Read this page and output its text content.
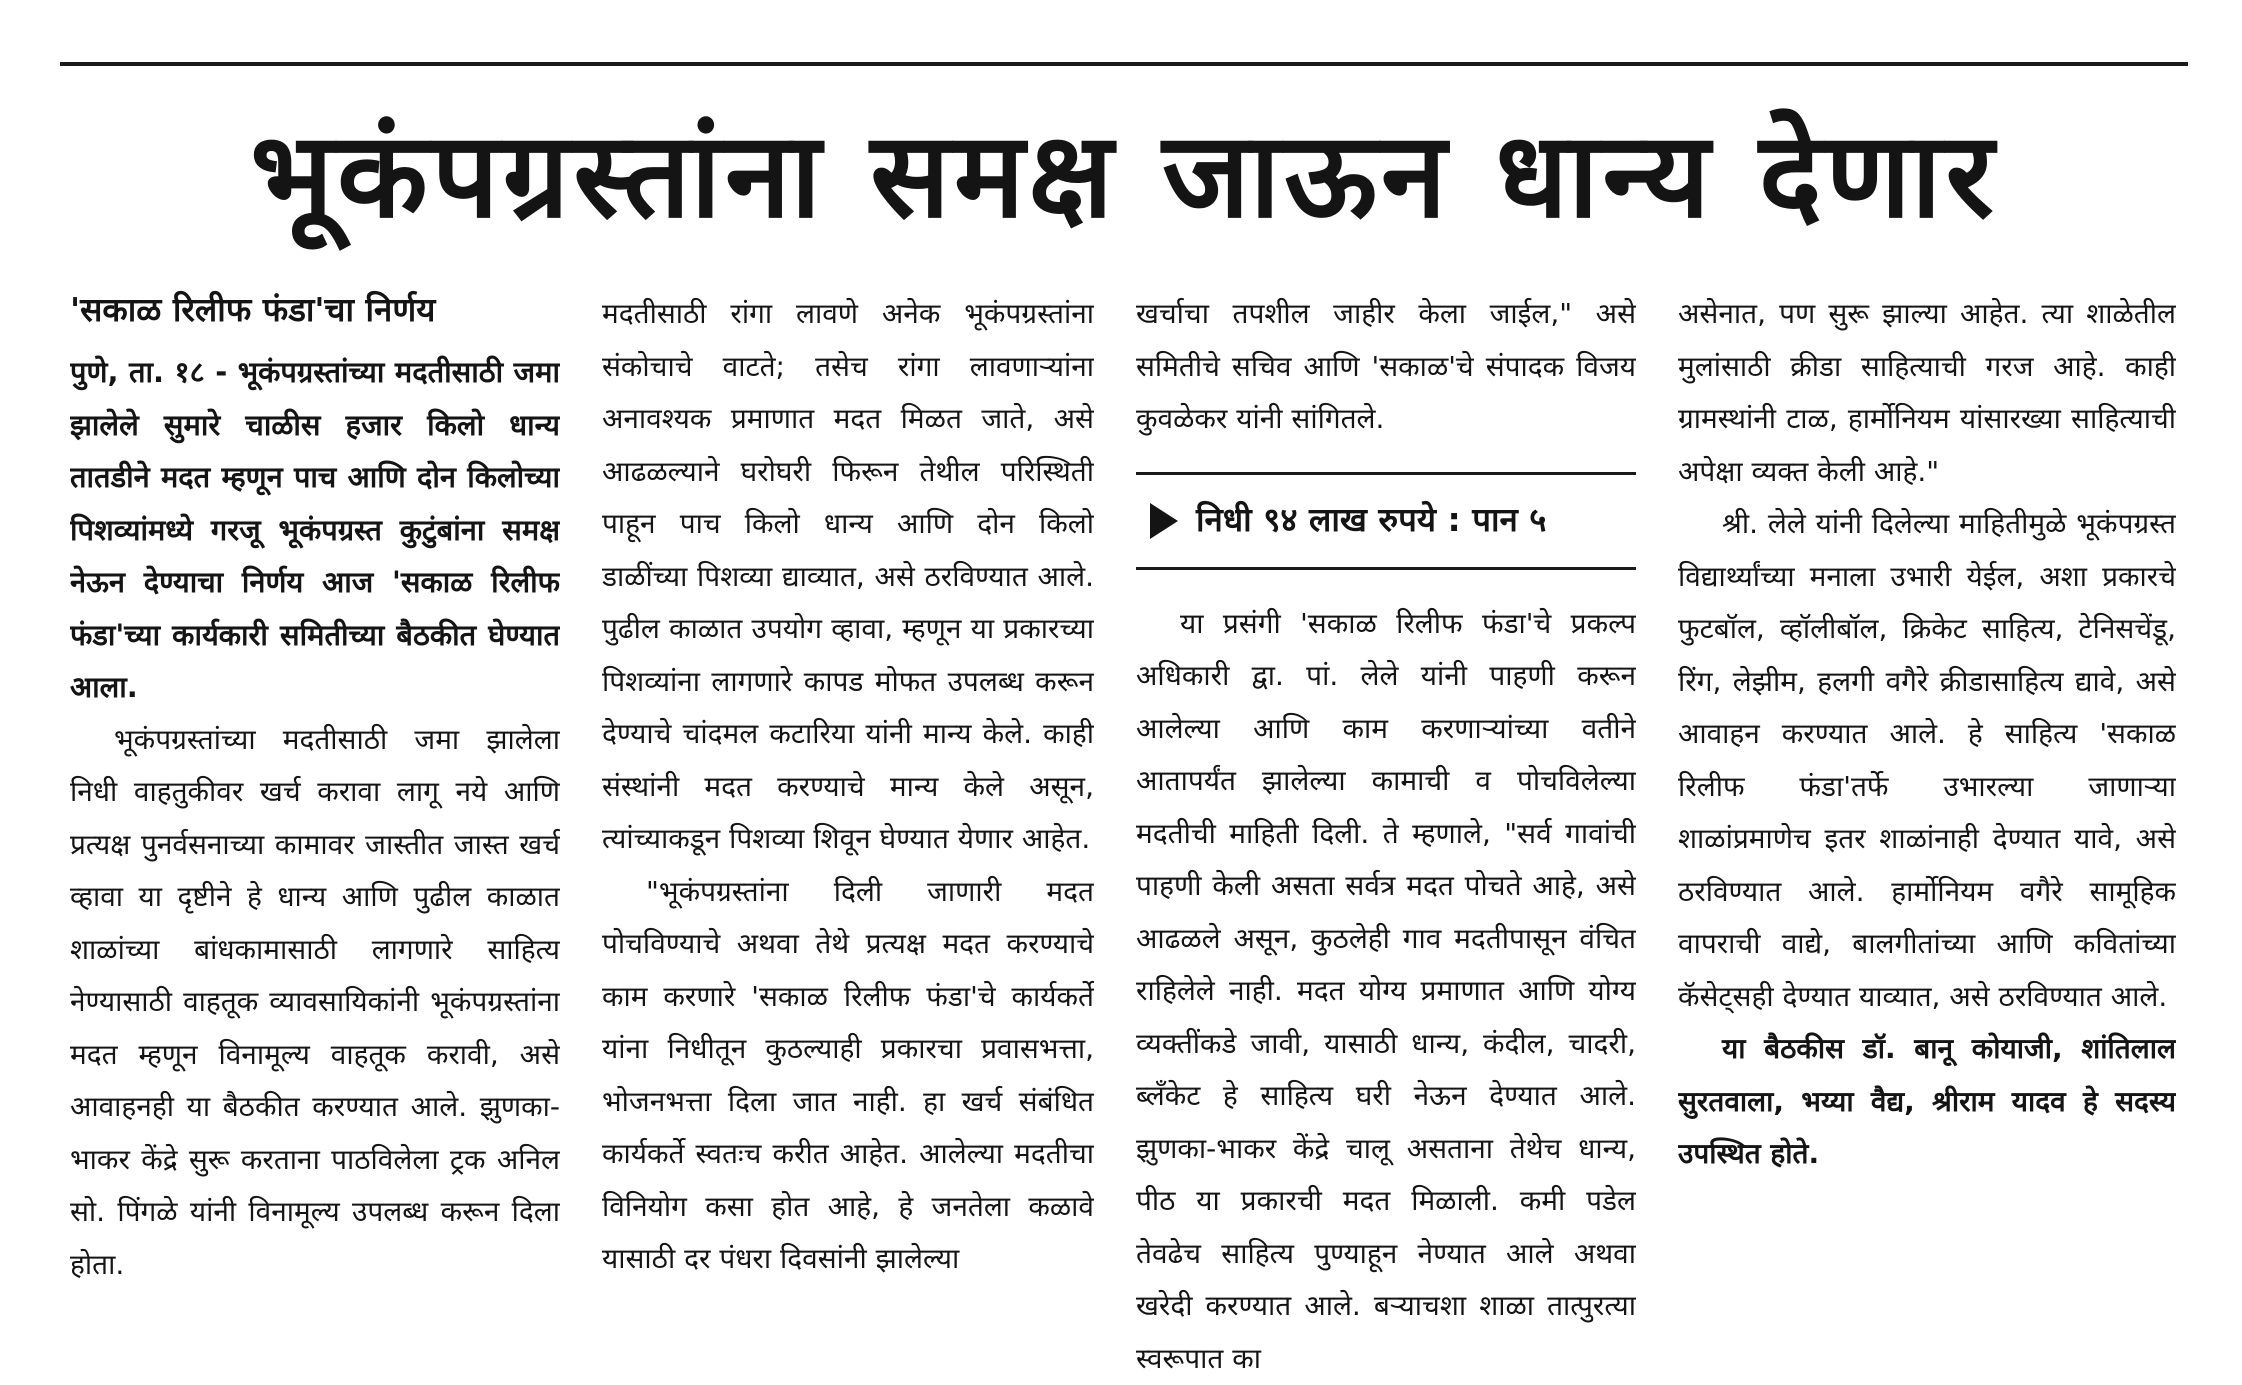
भूकंपग्रस्तांना समक्ष जाऊन धान्य देणार
'सकाळ रिलीफ फंडा'चा निर्णय

पुणे, ता. १८ - भूकंपग्रस्तांच्या मदतीसाठी जमा झालेले सुमारे चाळीस हजार किलो धान्य तातडीने मदत म्हणून पाच आणि दोन किलोच्या पिशव्यांमध्ये गरजू भूकंपग्रस्त कुटुंबांना समक्ष नेऊन देण्याचा निर्णय आज 'सकाळ रिलीफ फंडा'च्या कार्यकारी समितीच्या बैठकीत घेण्यात आला.

भूकंपग्रस्तांच्या मदतीसाठी जमा झालेला निधी वाहतुकीवर खर्च करावा लागू नये आणि प्रत्यक्ष पुनर्वसनाच्या कामावर जास्तीत जास्त खर्च व्हावा या दृष्टीने हे धान्य आणि पुढील काळात शाळांच्या बांधकामासाठी लागणारे साहित्य नेण्यासाठी वाहतूक व्यावसायिकांनी भूकंपग्रस्तांना मदत म्हणून विनामूल्य वाहतूक करावी, असे आवाहनही या बैठकीत करण्यात आले. झुणका-भाकर केंद्रे सुरू करताना पाठविलेला ट्रक अनिल सो. पिंगळे यांनी विनामूल्य उपलब्ध करून दिला होता.

मदतीसाठी रांगा लावणे अनेक भूकंपग्रस्तांना संकोचाचे वाटते; तसेच रांगा लावणाऱ्यांना अनावश्यक प्रमाणात मदत मिळत जाते, असे आढळल्याने घरोघरी फिरून तेथील परिस्थिती पाहून पाच किलो धान्य आणि दोन किलो डाळींच्या पिशव्या द्याव्यात, असे ठरविण्यात आले. पुढील काळात उपयोग व्हावा, म्हणून या प्रकारच्या पिशव्यांना लागणारे कापड मोफत उपलब्ध करून देण्याचे चांदमल कटारिया यांनी मान्य केले. काही संस्थांनी मदत करण्याचे मान्य केले असून, त्यांच्याकडून पिशव्या शिवून घेण्यात येणार आहेत.

"भूकंपग्रस्तांना दिली जाणारी मदत पोचविण्याचे अथवा तेथे प्रत्यक्ष मदत करण्याचे काम करणारे 'सकाळ रिलीफ फंडा'चे कार्यकर्ते यांना निधीतून कुठल्याही प्रकारचा प्रवासभत्ता, भोजनभत्ता दिला जात नाही. हा खर्च संबंधित कार्यकर्ते स्वतःच करीत आहेत. आलेल्या मदतीचा विनियोग कसा होत आहे, हे जनतेला कळावे यासाठी दर पंधरा दिवसांनी झालेल्या

खर्चाचा तपशील जाहीर केला जाईल," असे समितीचे सचिव आणि 'सकाळ'चे संपादक विजय कुवळेकर यांनी सांगितले.

निधी ९४ लाख रुपये : पान ५

या प्रसंगी 'सकाळ रिलीफ फंडा'चे प्रकल्प अधिकारी द्वा. पां. लेले यांनी पाहणी करून आलेल्या आणि काम करणाऱ्यांच्या वतीने आतापर्यंत झालेल्या कामाची व पोचविलेल्या मदतीची माहिती दिली. ते म्हणाले, "सर्व गावांची पाहणी केली असता सर्वत्र मदत पोचते आहे, असे आढळले असून, कुठलेही गाव मदतीपासून वंचित राहिलेले नाही. मदत योग्य प्रमाणात आणि योग्य व्यक्तींकडे जावी, यासाठी धान्य, कंदील, चादरी, ब्लँकेट हे साहित्य घरी नेऊन देण्यात आले. झुणका-भाकर केंद्रे चालू असताना तेथेच धान्य, पीठ या प्रकारची मदत मिळाली. कमी पडेल तेवढेच साहित्य पुण्याहून नेण्यात आले अथवा खरेदी करण्यात आले. बऱ्याचशा शाळा तात्पुरत्या स्वरूपात का

असेनात, पण सुरू झाल्या आहेत. त्या शाळेतील मुलांसाठी क्रीडा साहित्याची गरज आहे. काही ग्रामस्थांनी टाळ, हार्मोनियम यांसारख्या साहित्याची अपेक्षा व्यक्त केली आहे."

श्री. लेले यांनी दिलेल्या माहितीमुळे भूकंपग्रस्त विद्यार्थ्यांच्या मनाला उभारी येईल, अशा प्रकारचे फुटबॉल, व्हॉलीबॉल, क्रिकेट साहित्य, टेनिसचेंडू, रिंग, लेझीम, हलगी वगैरे क्रीडासाहित्य द्यावे, असे आवाहन करण्यात आले. हे साहित्य 'सकाळ रिलीफ फंडा'तर्फे उभारल्या जाणाऱ्या शाळांप्रमाणेच इतर शाळांनाही देण्यात यावे, असे ठरविण्यात आले. हार्मोनियम वगैरे सामूहिक वापराची वाद्ये, बालगीतांच्या आणि कवितांच्या कॅसेट्सही देण्यात याव्यात, असे ठरविण्यात आले.

या बैठकीस डॉ. बानू कोयाजी, शांतिलाल सुरतवाला, भय्या वैद्य, श्रीराम यादव हे सदस्य उपस्थित होते.
